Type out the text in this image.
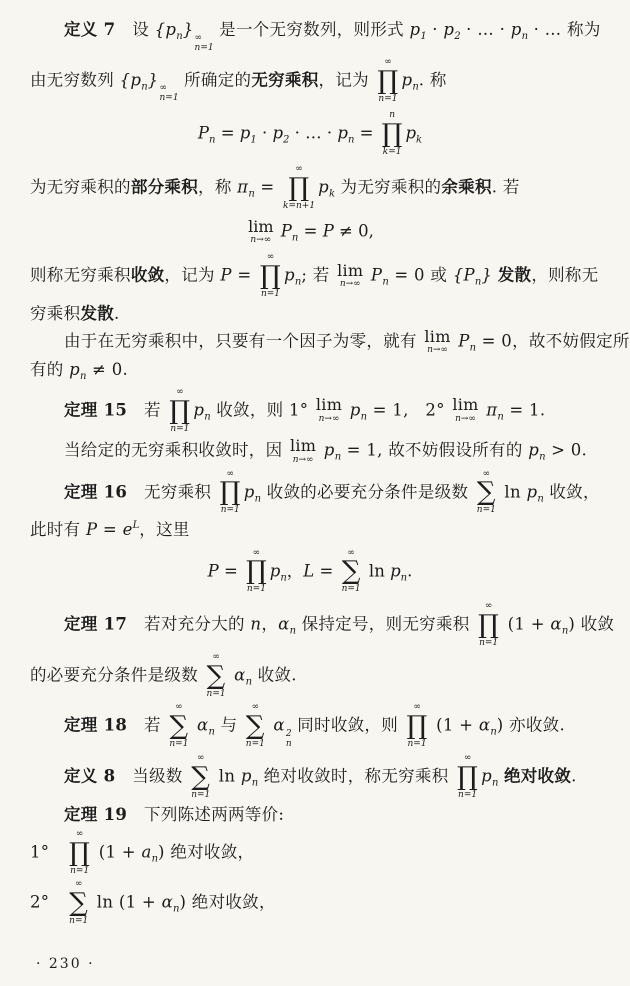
定义 7　设 $\{p_n\}$ ∞
n=1
是一个无穷数列，则形式 $p_1 \cdot p_2$ · … · $p_n$ · … 称为
由无穷数列 $\{p_n\}$ ∞
n=1
所确定的无穷乘积，记为
∞
∏
n=1
$p_n$. 称
$P_n = p_1 \cdot p_2$ · … · $p_n$ =
n
∏
k=1
$p_k$
为无穷乘积的部分乘积，称 $\pi_n$ =
∞
∏
k=n+1
$p_k$ 为无穷乘积的余乘积. 若
lim
n→∞ $P_n = P \ne 0$,
则称无穷乘积收敛，记为 P =
∞
∏
n=1
$p_n$; 若 lim
n→∞ $P_n = 0$ 或 $\{P_n\}$ 发散，则称无
穷乘积发散.
由于在无穷乘积中，只要有一个因子为零，就有 lim
n→∞ $P_n = 0$，故不妨假定所
有的 $p_n \ne 0$.
定理 15　若
∞
∏
n=1
$p_n$ 收敛，则 1° lim
n→∞ $p_n = 1$,　2° lim
n→∞ $\pi_n = 1$.
当给定的无穷乘积收敛时，因 lim
n→∞ $p_n = 1$, 故不妨假设所有的 $p_n > 0$.
定理 16　无穷乘积
∞
∏
n=1
$p_n$ 收敛的必要充分条件是级数
∞
∑
n=1
$\ln p_n$ 收敛，
此时有 $P = e^L$，这里
P =
∞
∏
n=1
$p_n$，L =
∞
∑
n=1
$\ln p_n$.
定理 17　若对充分大的 n，$\alpha_n$ 保持定号，则无穷乘积
∞
∏
n=1
$(1 + \alpha_n)$ 收敛
的必要充分条件是级数
∞
∑
n=1
$\alpha_n$ 收敛.
定理 18　若
∞
∑
n=1
$\alpha_n$ 与
∞
∑
n=1
α 2
n
同时收敛，则
∞
∏
n=1
$(1 + \alpha_n)$ 亦收敛.
定义 8　当级数
∞
∑
n=1
$\ln p_n$ 绝对收敛时，称无穷乘积
∞
∏
n=1
$p_n$ 绝对收敛.
定理 19　下列陈述两两等价:
1°　
∞
∏
n=1
$(1 + a_n)$ 绝对收敛，
2°　
∞
∑
n=1
$\ln (1 + \alpha_n)$ 绝对收敛，
· 230 ·
